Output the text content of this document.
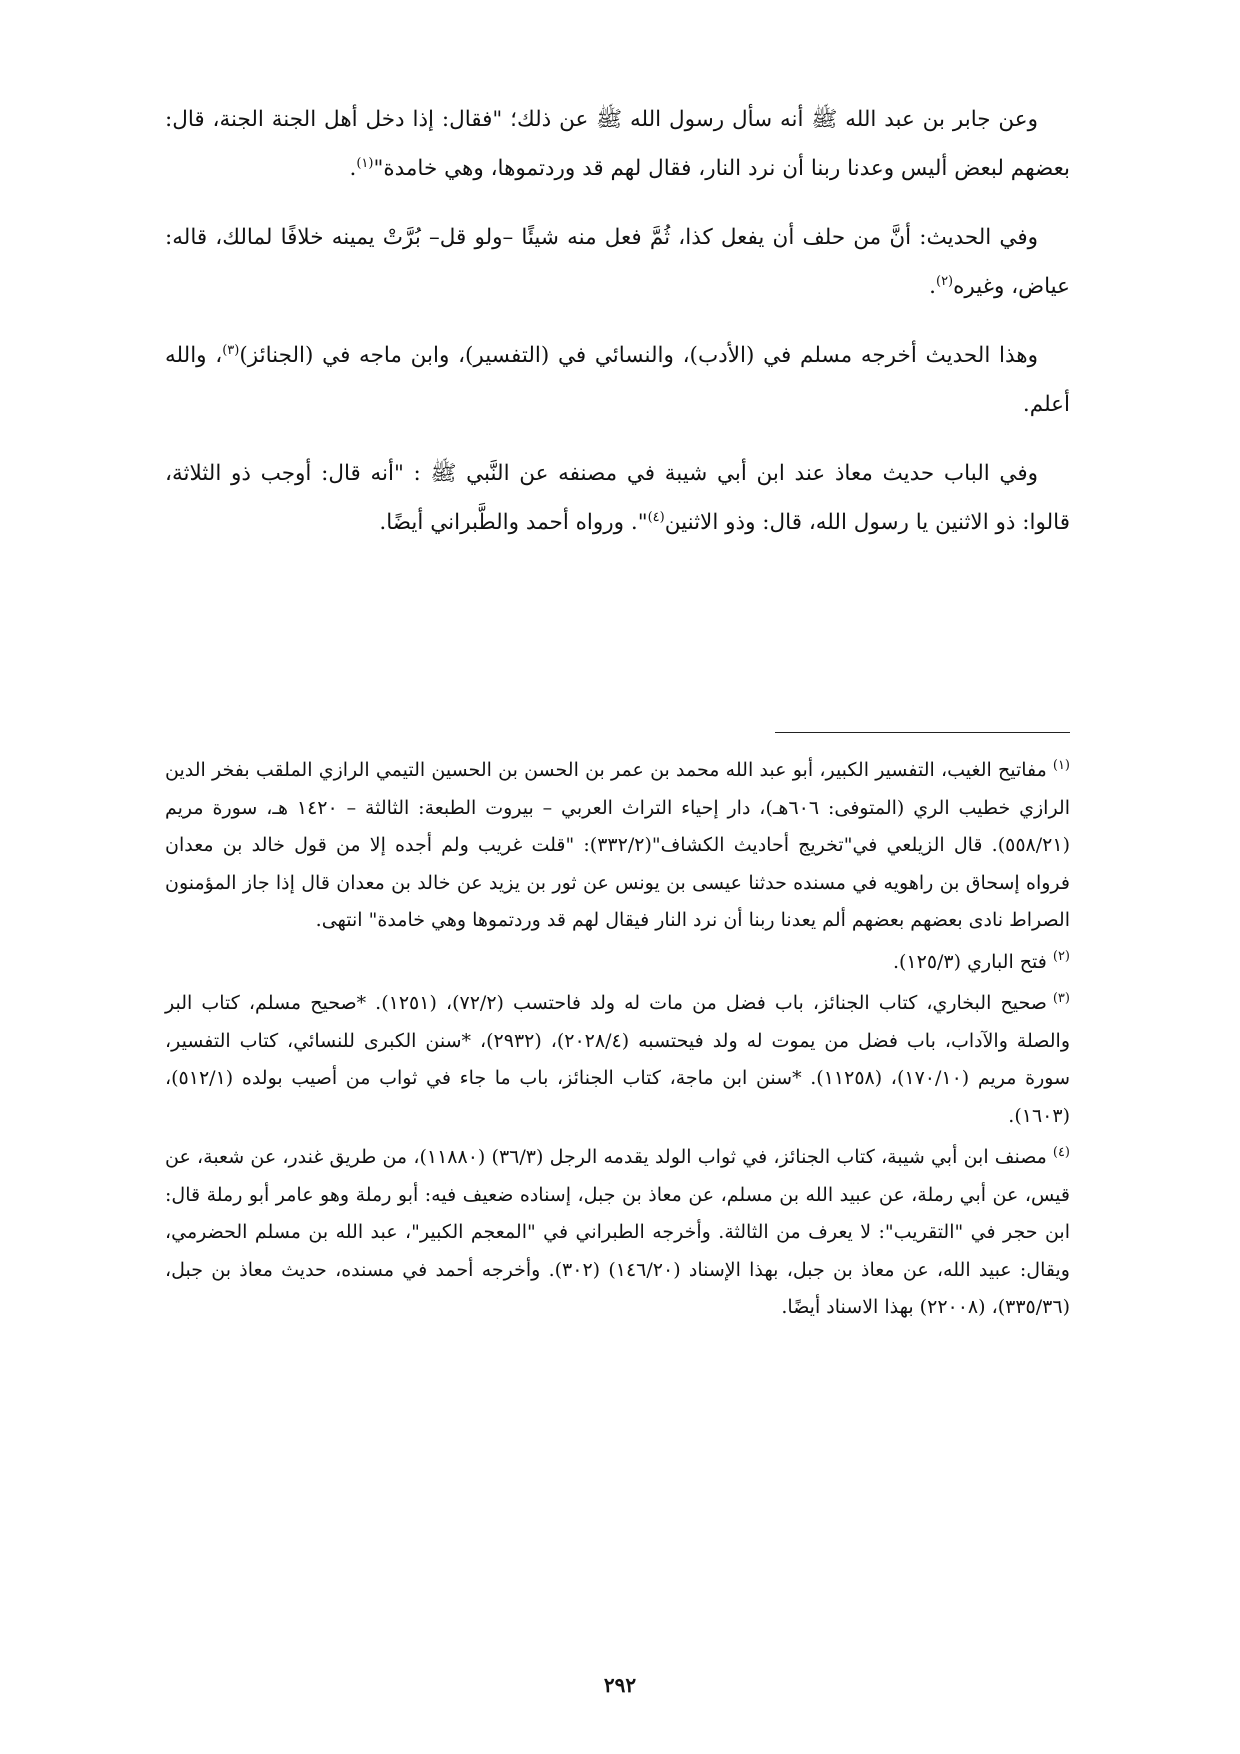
وعن جابر بن عبد الله ﷺ أنه سأل رسول الله ﷺ عن ذلك؛ "فقال: إذا دخل أهل الجنة الجنة، قال: بعضهم لبعض أليس وعدنا ربنا أن نرد النار، فقال لهم قد وردتموها، وهي خامدة"$^{(١)}$.

وفي الحديث: أنَّ من حلف أن يفعل كذا، ثُمَّ فعل منه شيئًا –ولو قل– بُرَّتْ يمينه خلافًا لمالك، قاله: عياض، وغيره$^{(٢)}$.

وهذا الحديث أخرجه مسلم في (الأدب)، والنسائي في (التفسير)، وابن ماجه في (الجنائز)$^{(٣)}$، والله أعلم.

وفي الباب حديث معاذ عند ابن أبي شيبة في مصنفه عن النَّبي ﷺ : "أنه قال: أوجب ذو الثلاثة، قالوا: ذو الاثنين يا رسول الله، قال: وذو الاثنين$^{(٤)}$". ورواه أحمد والطَّبراني أيضًا.

$^{(١)}$مفاتيح الغيب، التفسير الكبير، أبو عبد الله محمد بن عمر بن الحسن بن الحسين التيمي الرازي الملقب بفخر الدين الرازي خطيب الري (المتوفى: ٦٠٦هـ)، دار إحياء التراث العربي – بيروت الطبعة: الثالثة – ١٤٢٠ هـ، سورة مريم (٥٥٨/٢١). قال الزيلعي في"تخريج أحاديث الكشاف"(٣٣٢/٢): "قلت غريب ولم أجده إلا من قول خالد بن معدان فرواه إسحاق بن راهويه في مسنده حدثنا عيسى بن يونس عن ثور بن يزيد عن خالد بن معدان قال إذا جاز المؤمنون الصراط نادى بعضهم بعضهم ألم يعدنا ربنا أن نرد النار فيقال لهم قد وردتموها وهي خامدة" انتهى.

$^{(٢)}$فتح الباري (١٢٥/٣).

$^{(٣)}$صحيح البخاري، كتاب الجنائز، باب فضل من مات له ولد فاحتسب (٧٢/٢)، (١٢٥١). *صحيح مسلم، كتاب البر والصلة والآداب، باب فضل من يموت له ولد فيحتسبه (٢٠٢٨/٤)، (٢٩٣٢)، *سنن الكبرى للنسائي، كتاب التفسير، سورة مريم (١٧٠/١٠)، (١١٢٥٨). *سنن ابن ماجة، كتاب الجنائز، باب ما جاء في ثواب من أصيب بولده (٥١٢/١)، (١٦٠٣).

$^{(٤)}$مصنف ابن أبي شيبة، كتاب الجنائز، في ثواب الولد يقدمه الرجل (٣٦/٣) (١١٨٨٠)، من طريق غندر، عن شعبة، عن قيس، عن أبي رملة، عن عبيد الله بن مسلم، عن معاذ بن جبل، إسناده ضعيف فيه: أبو رملة وهو عامر أبو رملة قال: ابن حجر في "التقريب": لا يعرف من الثالثة. وأخرجه الطبراني في "المعجم الكبير"، عبد الله بن مسلم الحضرمي، ويقال: عبيد الله، عن معاذ بن جبل، بهذا الإسناد (١٤٦/٢٠) (٣٠٢). وأخرجه أحمد في مسنده، حديث معاذ بن جبل، (٣٣٥/٣٦)، (٢٢٠٠٨) بهذا الاسناد أيضًا.

٢٩٢
